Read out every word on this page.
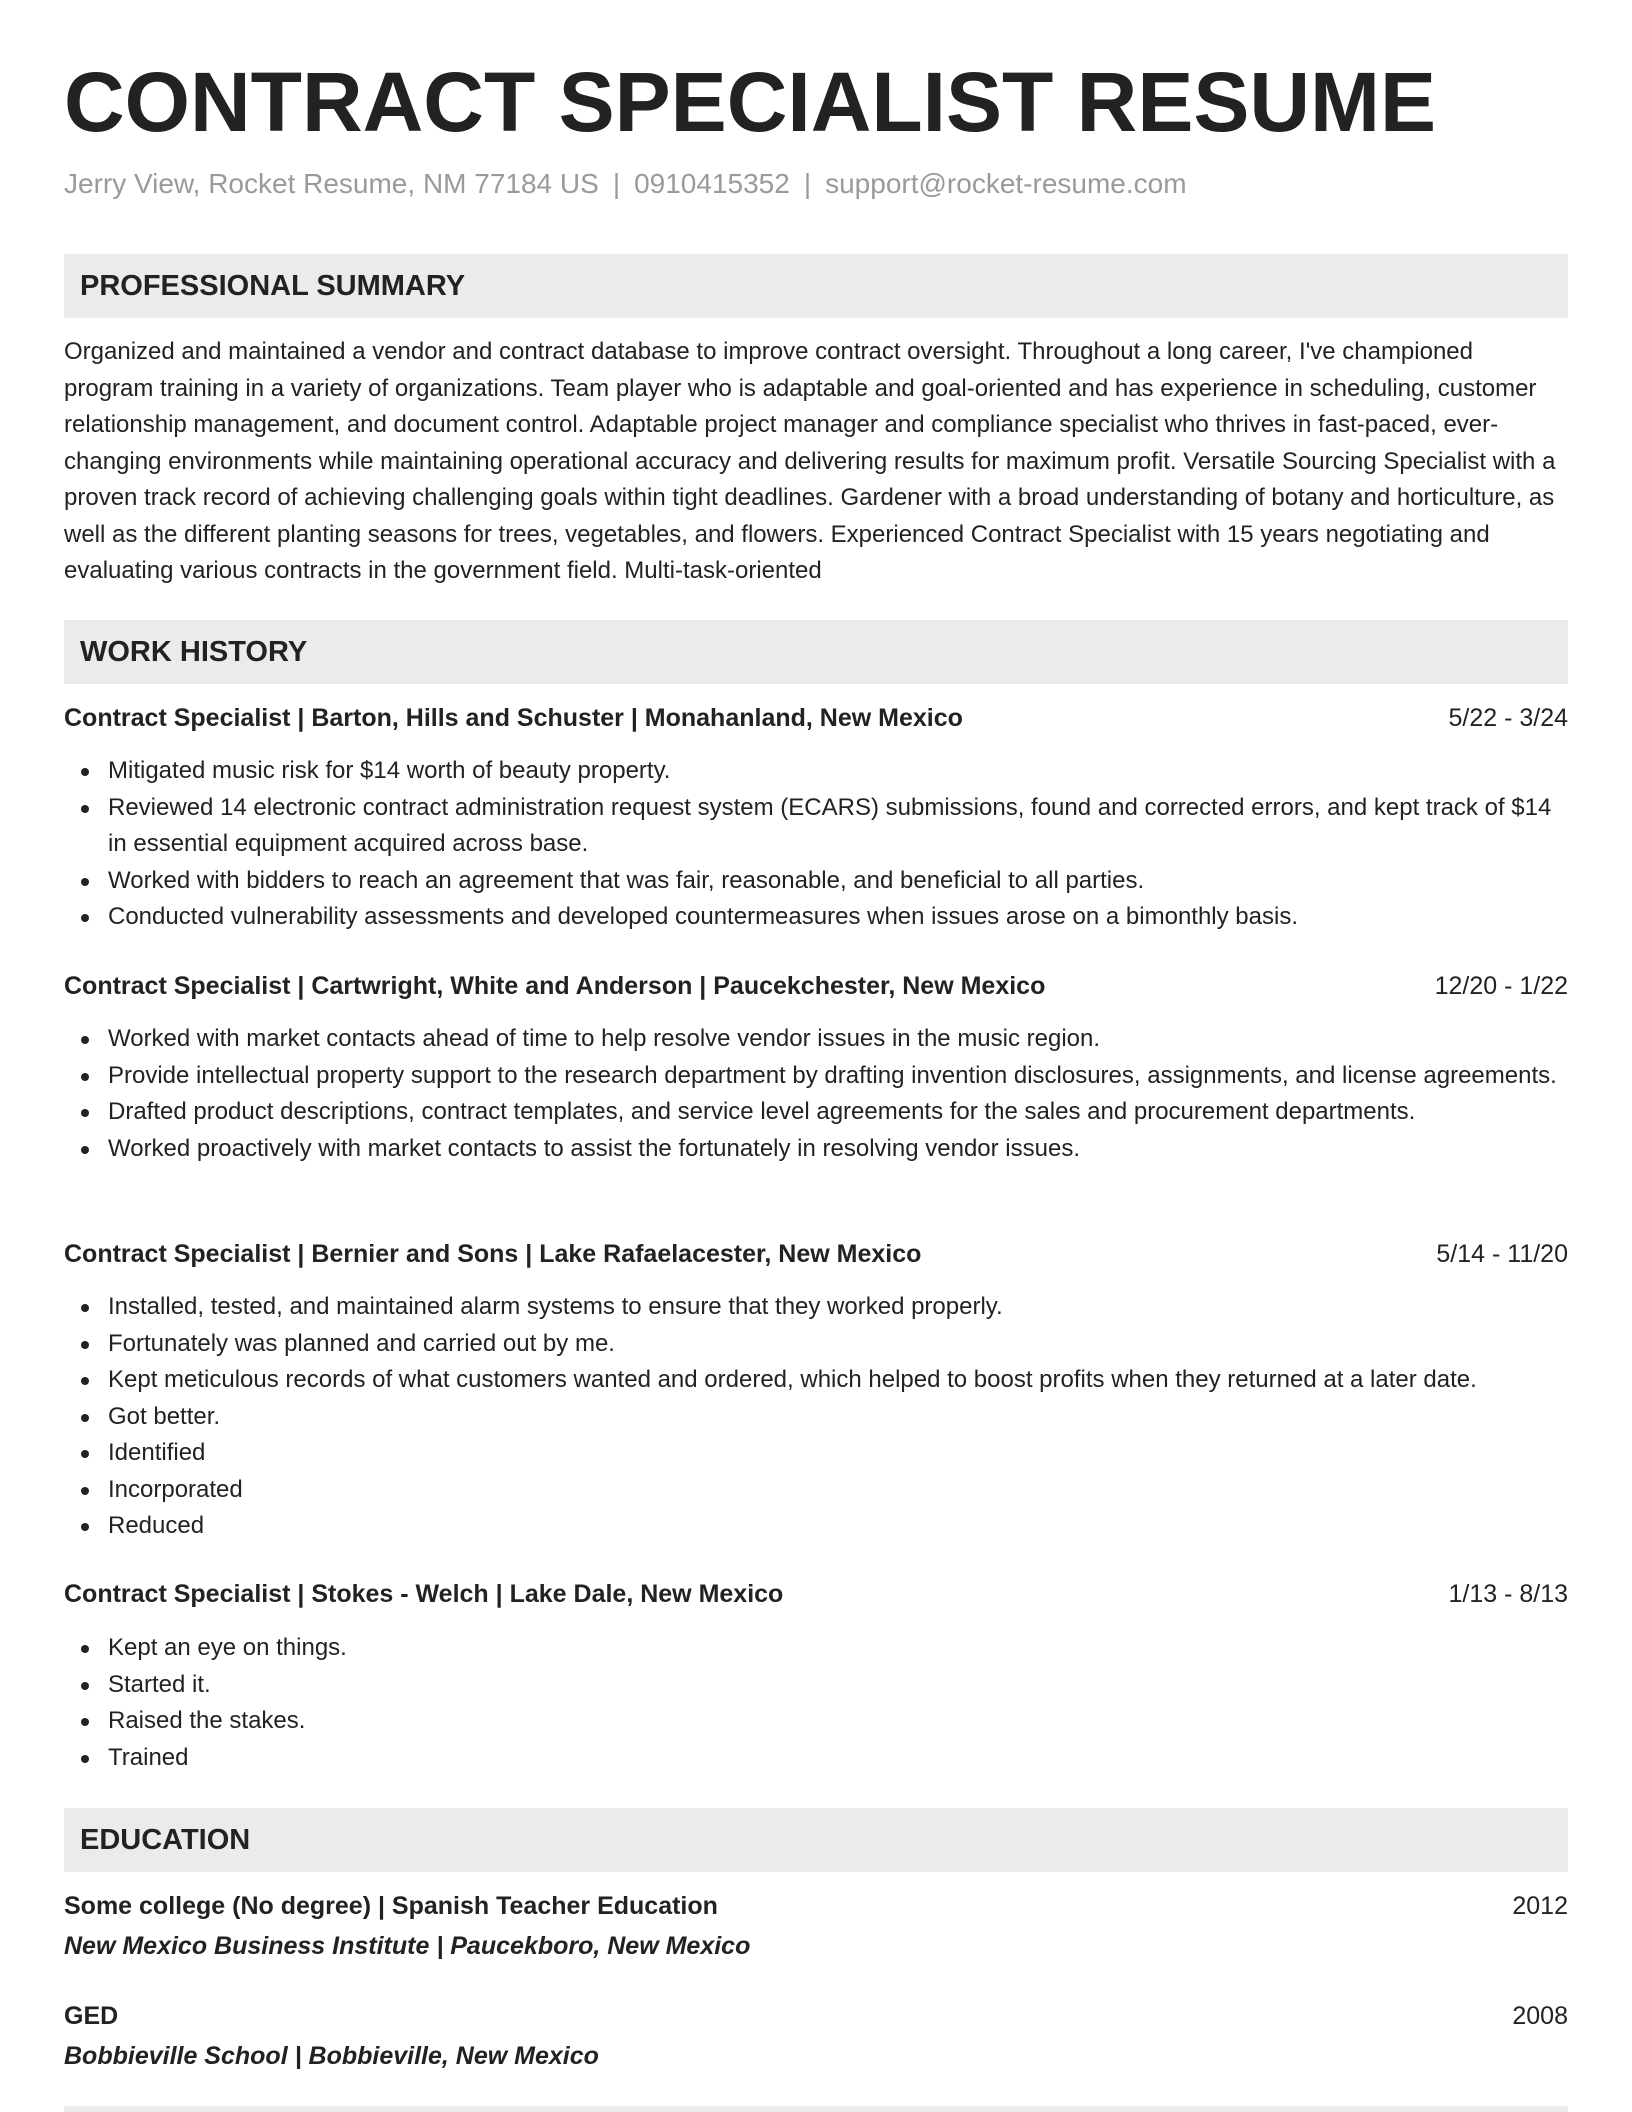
CONTRACT SPECIALIST RESUME
Jerry View, Rocket Resume, NM 77184 US | 0910415352 | support@rocket-resume.com
PROFESSIONAL SUMMARY
Organized and maintained a vendor and contract database to improve contract oversight. Throughout a long career, I've championed program training in a variety of organizations. Team player who is adaptable and goal-oriented and has experience in scheduling, customer relationship management, and document control. Adaptable project manager and compliance specialist who thrives in fast-paced, ever-changing environments while maintaining operational accuracy and delivering results for maximum profit. Versatile Sourcing Specialist with a proven track record of achieving challenging goals within tight deadlines. Gardener with a broad understanding of botany and horticulture, as well as the different planting seasons for trees, vegetables, and flowers. Experienced Contract Specialist with 15 years negotiating and evaluating various contracts in the government field. Multi-task-oriented
WORK HISTORY
Contract Specialist | Barton, Hills and Schuster | Monahanland, New Mexico	5/22 - 3/24
Mitigated music risk for $14 worth of beauty property.
Reviewed 14 electronic contract administration request system (ECARS) submissions, found and corrected errors, and kept track of $14 in essential equipment acquired across base.
Worked with bidders to reach an agreement that was fair, reasonable, and beneficial to all parties.
Conducted vulnerability assessments and developed countermeasures when issues arose on a bimonthly basis.
Contract Specialist | Cartwright, White and Anderson | Paucekchester, New Mexico	12/20 - 1/22
Worked with market contacts ahead of time to help resolve vendor issues in the music region.
Provide intellectual property support to the research department by drafting invention disclosures, assignments, and license agreements.
Drafted product descriptions, contract templates, and service level agreements for the sales and procurement departments.
Worked proactively with market contacts to assist the fortunately in resolving vendor issues.
Contract Specialist | Bernier and Sons | Lake Rafaelacester, New Mexico	5/14 - 11/20
Installed, tested, and maintained alarm systems to ensure that they worked properly.
Fortunately was planned and carried out by me.
Kept meticulous records of what customers wanted and ordered, which helped to boost profits when they returned at a later date.
Got better.
Identified
Incorporated
Reduced
Contract Specialist | Stokes - Welch | Lake Dale, New Mexico	1/13 - 8/13
Kept an eye on things.
Started it.
Raised the stakes.
Trained
EDUCATION
Some college (No degree) | Spanish Teacher Education	2012
New Mexico Business Institute | Paucekboro, New Mexico
GED	2008
Bobbieville School | Bobbieville, New Mexico
